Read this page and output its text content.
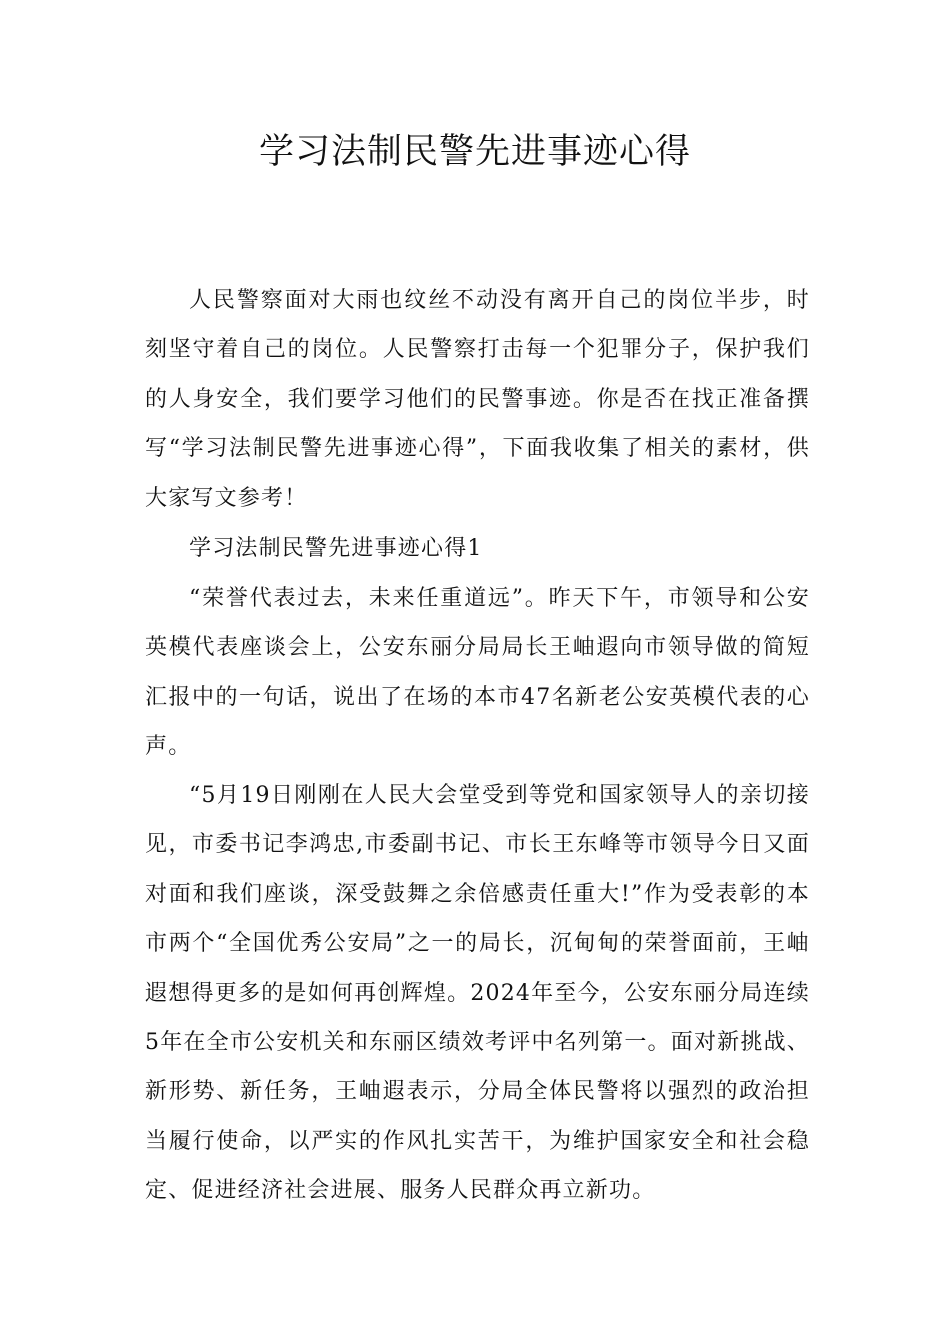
学习法制民警先进事迹心得

人民警察面对大雨也纹丝不动没有离开自己的岗位半步，时刻坚守着自己的岗位。人民警察打击每一个犯罪分子，保护我们的人身安全，我们要学习他们的民警事迹。你是否在找正准备撰写“学习法制民警先进事迹心得”，下面我收集了相关的素材，供大家写文参考！

学习法制民警先进事迹心得1

“荣誉代表过去，未来任重道远”。昨天下午，市领导和公安英模代表座谈会上，公安东丽分局局长王岫遐向市领导做的简短汇报中的一句话，说出了在场的本市47名新老公安英模代表的心声。

“5月19日刚刚在人民大会堂受到等党和国家领导人的亲切接见，市委书记李鸿忠,市委副书记、市长王东峰等市领导今日又面对面和我们座谈，深受鼓舞之余倍感责任重大!”作为受表彰的本市两个“全国优秀公安局”之一的局长，沉甸甸的荣誉面前，王岫遐想得更多的是如何再创辉煌。2024年至今，公安东丽分局连续5年在全市公安机关和东丽区绩效考评中名列第一。面对新挑战、新形势、新任务，王岫遐表示，分局全体民警将以强烈的政治担当履行使命，以严实的作风扎实苦干，为维护国家安全和社会稳定、促进经济社会进展、服务人民群众再立新功。
